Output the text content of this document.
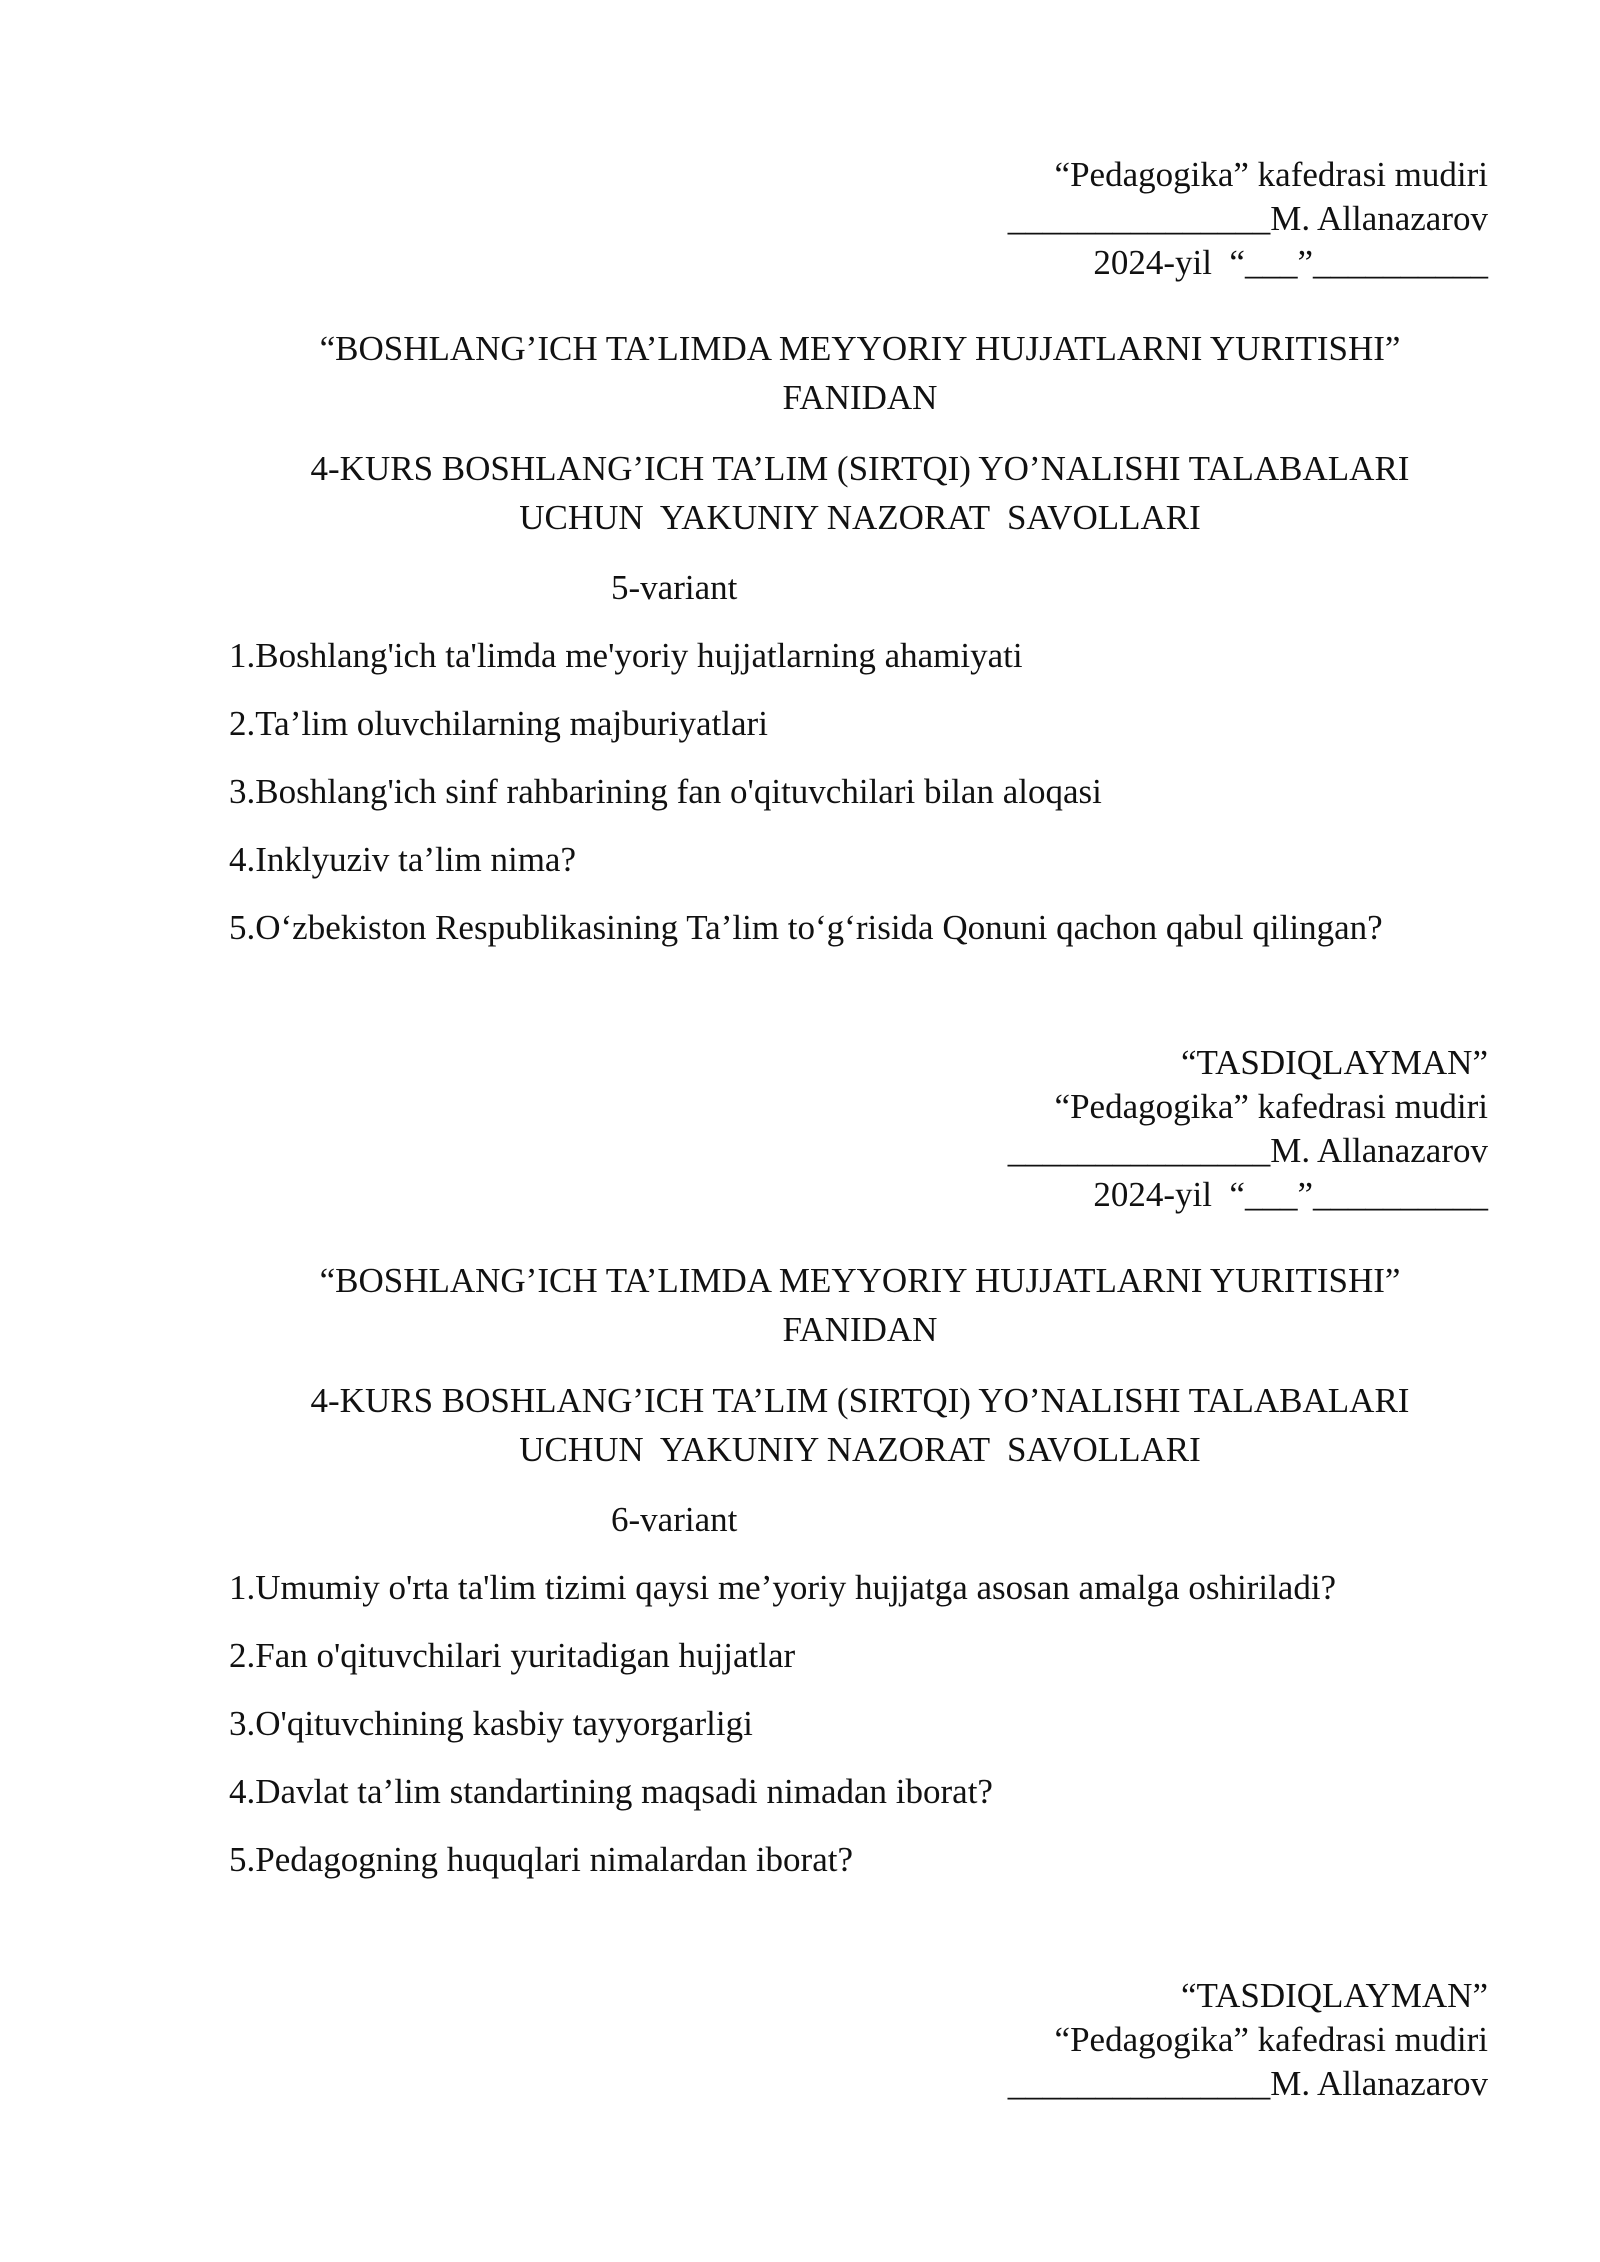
“Pedagogika” kafedrasi mudiri
_______________M. Allanazarov
2024-yil  “___”__________
“BOSHLANG’ICH TA’LIMDA MEYYORIY HUJJATLARNI YURITISHI”
FANIDAN
4-KURS BOSHLANG’ICH TA’LIM (SIRTQI) YO’NALISHI TALABALARI
UCHUN  YAKUNIY NAZORAT  SAVOLLARI
5-variant
1.Boshlang'ich ta'limda me'yoriy hujjatlarning ahamiyati
2.Ta’lim oluvchilarning majburiyatlari
3.Boshlang'ich sinf rahbarining fan o'qituvchilari bilan aloqasi
4.Inklyuziv ta’lim nima?
5.O‘zbekiston Respublikasining Ta’lim to‘g‘risida Qonuni qachon qabul qilingan?
“TASDIQLAYMAN”
“Pedagogika” kafedrasi mudiri
_______________M. Allanazarov
2024-yil  “___”__________
“BOSHLANG’ICH TA’LIMDA MEYYORIY HUJJATLARNI YURITISHI”
FANIDAN
4-KURS BOSHLANG’ICH TA’LIM (SIRTQI) YO’NALISHI TALABALARI
UCHUN  YAKUNIY NAZORAT  SAVOLLARI
6-variant
1.Umumiy o'rta ta'lim tizimi qaysi me’yoriy hujjatga asosan amalga oshiriladi?
2.Fan o'qituvchilari yuritadigan hujjatlar
3.O'qituvchining kasbiy tayyorgarligi
4.Davlat ta’lim standartining maqsadi nimadan iborat?
5.Pedagogning huquqlari nimalardan iborat?
“TASDIQLAYMAN”
“Pedagogika” kafedrasi mudiri
_______________M. Allanazarov
